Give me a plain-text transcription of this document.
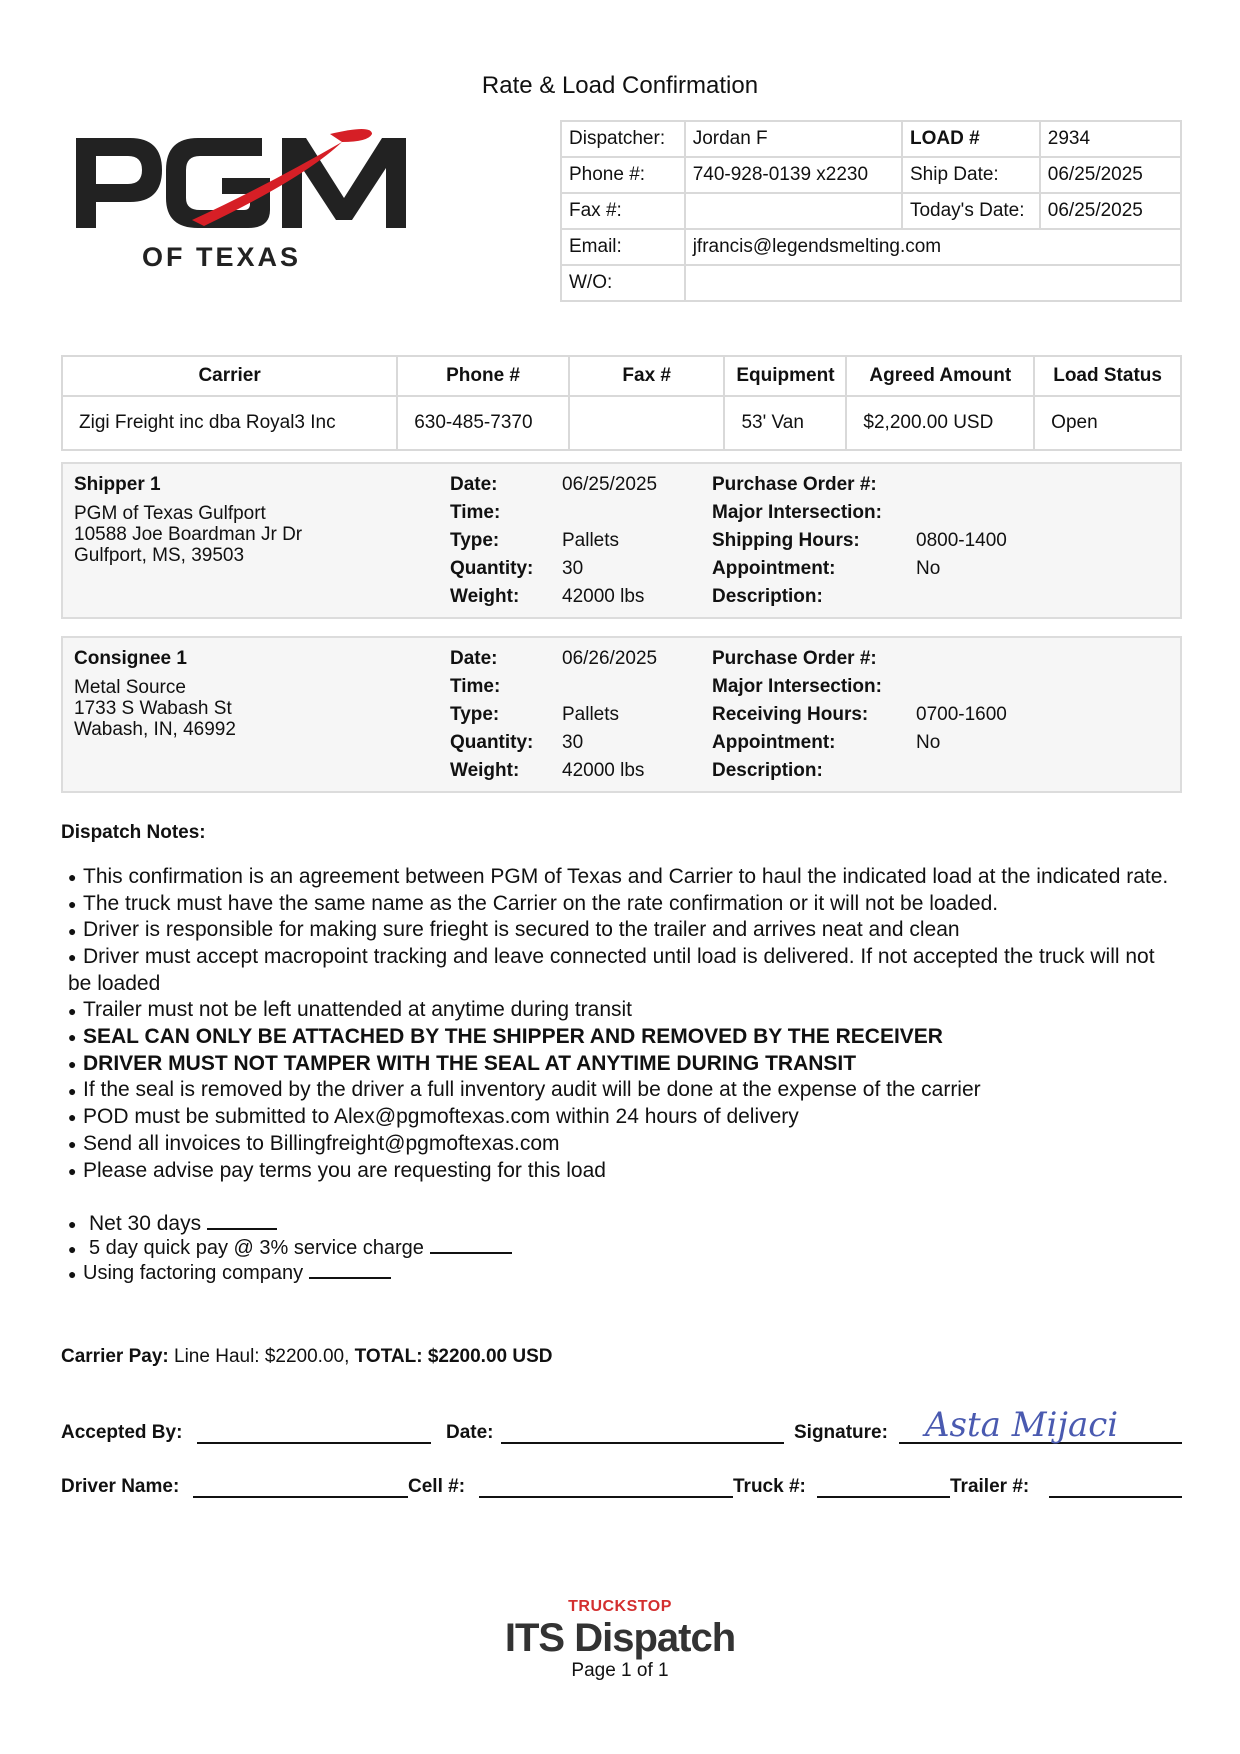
Rate & Load Confirmation
OF TEXAS
Dispatcher:	Jordan F	LOAD #	2934
Phone #:	740-928-0139 x2230	Ship Date:	06/25/2025
Fax #:		Today's Date:	06/25/2025
Email:	jfrancis@legendsmelting.com		
W/O:			
Carrier	Phone #	Fax #	Equipment	Agreed Amount	Load Status
Zigi Freight inc dba Royal3 Inc	630-485-7370		53' Van	$2,200.00 USD	Open
Shipper 1
PGM of Texas Gulfport
10588 Joe Boardman Jr Dr
Gulfport, MS, 39503
Date:	06/25/2025
Time:
Type:	Pallets
Quantity: 30
Weight: 42000 lbs
Purchase Order #:
Major Intersection:
Shipping Hours:	0800-1400
Appointment:	No
Description:
Consignee 1
Metal Source
1733 S Wabash St
Wabash, IN, 46992
Date:	06/26/2025
Time:
Type:	Pallets
Quantity: 30
Weight: 42000 lbs
Purchase Order #:
Major Intersection:
Receiving Hours:	0700-1600
Appointment:	No
Description:
Dispatch Notes:
● This confirmation is an agreement between PGM of Texas and Carrier to haul the indicated load at the indicated rate.
● The truck must have the same name as the Carrier on the rate confirmation or it will not be loaded.
● Driver is responsible for making sure frieght is secured to the trailer and arrives neat and clean
● Driver must accept macropoint tracking and leave connected until load is delivered. If not accepted the truck will not be loaded
● Trailer must not be left unattended at anytime during transit
● SEAL CAN ONLY BE ATTACHED BY THE SHIPPER AND REMOVED BY THE RECEIVER
● DRIVER MUST NOT TAMPER WITH THE SEAL AT ANYTIME DURING TRANSIT
● If the seal is removed by the driver a full inventory audit will be done at the expense of the carrier
● POD must be submitted to Alex@pgmoftexas.com within 24 hours of delivery
● Send all invoices to Billingfreight@pgmoftexas.com
● Please advise pay terms you are requesting for this load
● Net 30 days
● 5 day quick pay @ 3% service charge
● Using factoring company
Carrier Pay: Line Haul: $2200.00, TOTAL: $2200.00 USD
Accepted By:	Date:	Signature: Asta Mijaci
Driver Name:	Cell #:	Truck #:	Trailer #:
TRUCKSTOP
ITS Dispatch
Page 1 of 1
